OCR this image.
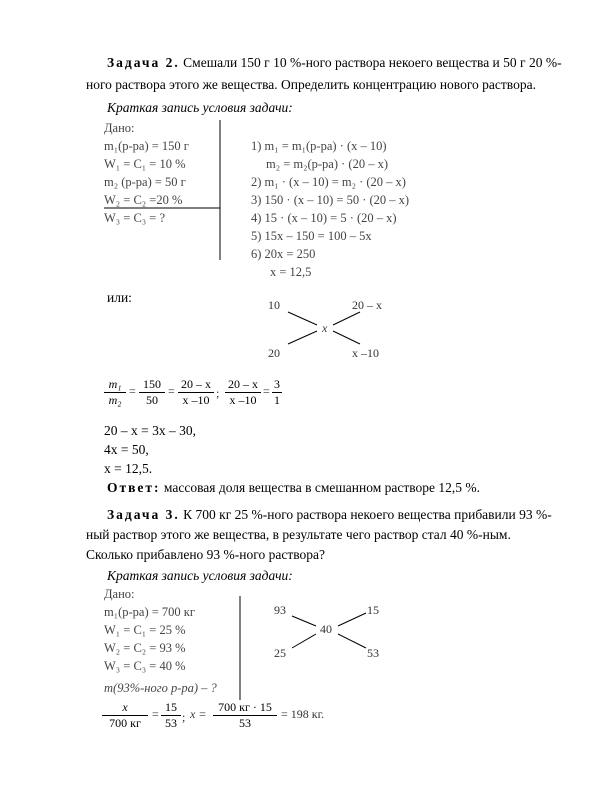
Задача 2. Смешали 150 г 10 %-ного раствора некоего вещества и 50 г 20 %-
ного раствора этого же вещества. Определить концентрацию нового раствора.
Краткая запись условия задачи:
Дано:
m₁(р-ра) = 150 г
W₁ = C₁ = 10 %
m₂ (р-ра) = 50 г
W₂ = C₂ =20 %
W₃ = C₃ = ?
1) m₁ = m₁(р-ра) · (x – 10)
m₂ = m₂(р-ра) · (20 – x)
2) m₁ · (x – 10) = m₂ · (20 – x)
3) 150 · (x – 10) = 50 · (20 – x)
4) 15 · (x – 10) = 5 · (20 – x)
5) 15x – 150 = 100 – 5x
6) 20x = 250
x = 12,5
или:	10	20 – x
x
20	x –10
$\frac{\text{m₁}}{\text{m₂}} = \frac{150}{50} = \frac{20 - x}{x -10}$ ; $\frac{20 - x}{x -10} = \frac{3}{1}$
20 – x = 3x – 30,
4x = 50,
x = 12,5.
Ответ: массовая доля вещества в смешанном растворе 12,5 %.
Задача 3. К 700 кг 25 %-ного раствора некоего вещества прибавили 93 %-
ный раствор этого же вещества, в результате чего раствор стал 40 %-ным.
Сколько прибавлено 93 %-ного раствора?
Краткая запись условия задачи:
Дано:
m₁(р-ра) = 700 кг
W₁ = C₁ = 25 %
W₂ = C₂ = 93 %
W₃ = C₃ = 40 %
m(93%-ного р-ра) – ?
93	15
40
25	53
x
700 кг
= $\frac{15}{53}$ ; x = 700 кг · 15
53
= 198 кг.
